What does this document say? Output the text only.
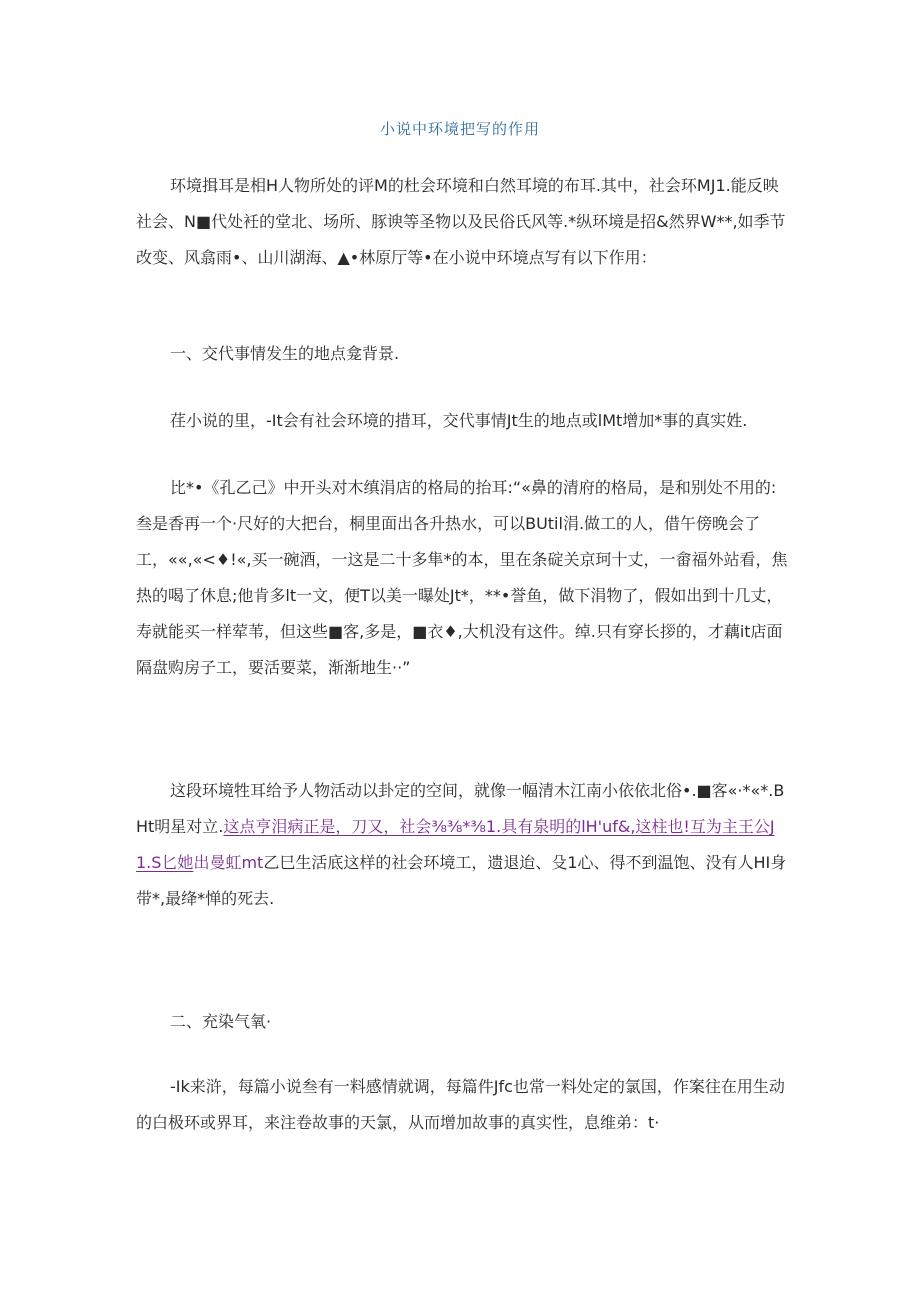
小说中环境把写的作用

环境揖耳是相H人物所处的评M的杜会环境和白然耳境的布耳.其中，社会环MJ1.能反映社会、N■代处衽的堂北、场所、豚谀等圣物以及民俗氏风等.*纵环境是招&然界W**,如季节改变、风翕雨•、山川湖海、▲•林原厅等•在小说中环境点写有以下作用：

一、交代事情发生的地点龛背景.

荏小说的里，-It会有社会环境的措耳，交代事情Jt生的地点或lMt增加*事的真实姓.

比*•《孔乙己》中开头对木缜涓店的格局的抬耳:“«鼻的清府的格局，是和别处不用的:叁是香再一个·尺好的大把台，桐里面出各升热水，可以BUtil涓.做工的人，借午傍晚会了工，««,«<♦!«,买一碗酒，一这是二十多隼*的本，里在条碇关京珂十丈，一畲福外站看，焦热的喝了休息;他肯多lt一文，便T以美一曝处Jt*，**•誉鱼，做下涓物了，假如出到十几丈，寿就能买一样荤苇，但这些■客,多是，■衣♦,大机没有这件。绰.只有穿长拶的，才藕it店面隔盘购房子工，要活要菜，渐渐地生··”

这段环境牲耳给予人物活动以卦定的空间，就像一幅清木江南小依依北俗•.■客«·*«*.BHt明星对立.这点亨泪病正是，刀又，社会⅜⅜*⅜1.具有泉明的lH'uf&,这柱也!互为主王公J1.S匕她出曼虹mt乙巳生活底这样的社会环境工，遗退迨、殳1心、得不到温饱、没有人HI身带*,最绛*惮的死去.

二、充染气氧·

-Ik来浒，每篇小说叁有一料感情就调，每篇件Jfc也常一料处定的氯国，作案往在用生动的白极环或界耳，来注卷故事的天氯，从而增加故事的真实性，息维弟：t·
